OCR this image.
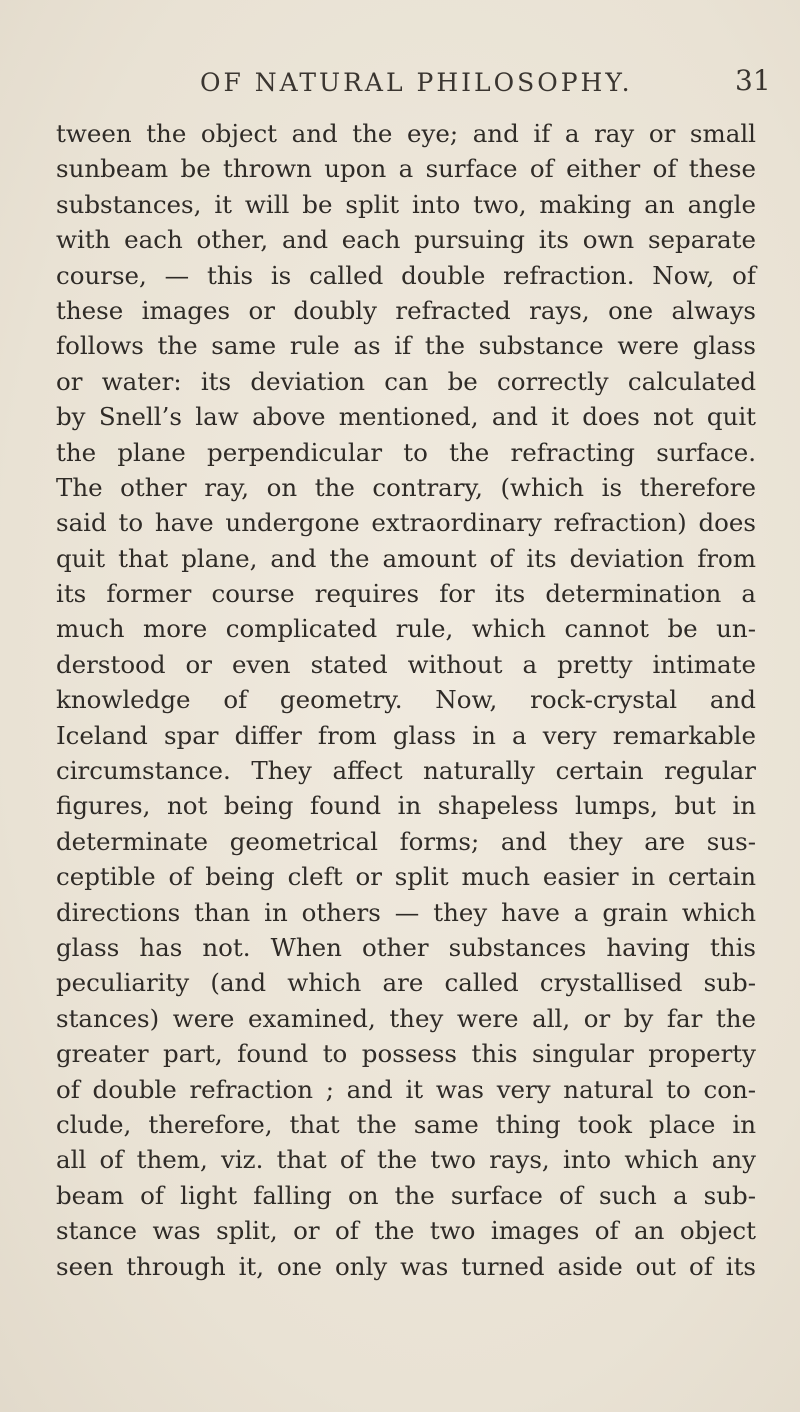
OF NATURAL PHILOSOPHY.	31
tween the object and the eye; and if a ray or small
sunbeam be thrown upon a surface of either of these
substances, it will be split into two, making an angle
with each other, and each pursuing its own separate
course, — this is called double refraction. Now, of
these images or doubly refracted rays, one always
follows the same rule as if the substance were glass
or water: its deviation can be correctly calculated
by Snell’s law above mentioned, and it does not quit
the plane perpendicular to the refracting surface.
The other ray, on the contrary, (which is therefore
said to have undergone extraordinary refraction) does
quit that plane, and the amount of its deviation from
its former course requires for its determination a
much more complicated rule, which cannot be un-
derstood or even stated without a pretty intimate
knowledge of geometry. Now, rock-crystal and
Iceland spar differ from glass in a very remarkable
circumstance. They affect naturally certain regular
figures, not being found in shapeless lumps, but in
determinate geometrical forms; and they are sus-
ceptible of being cleft or split much easier in certain
directions than in others — they have a grain which
glass has not. When other substances having this
peculiarity (and which are called crystallised sub-
stances) were examined, they were all, or by far the
greater part, found to possess this singular property
of double refraction ; and it was very natural to con-
clude, therefore, that the same thing took place in
all of them, viz. that of the two rays, into which any
beam of light falling on the surface of such a sub-
stance was split, or of the two images of an object
seen through it, one only was turned aside out of its
